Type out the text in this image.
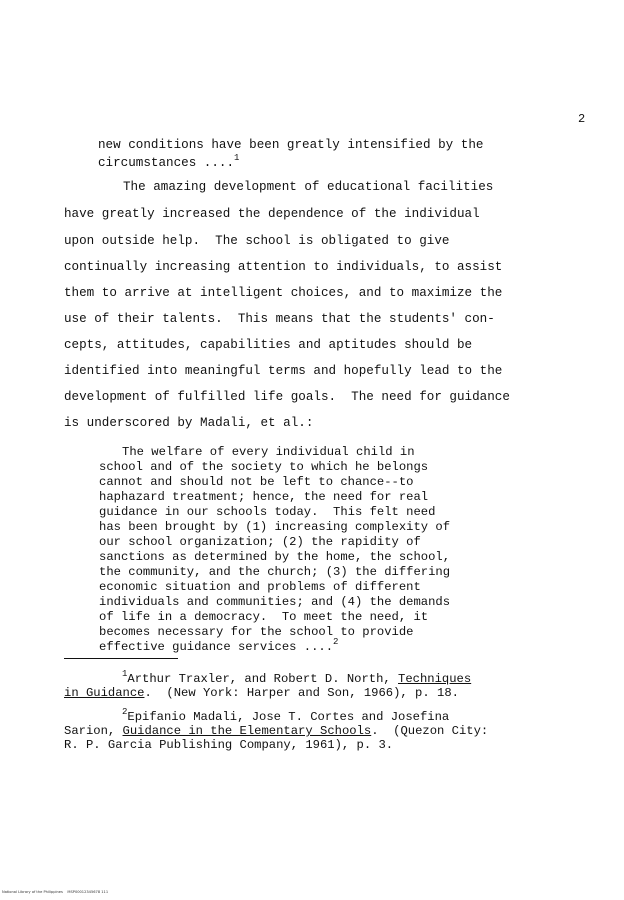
2
new conditions have been greatly intensified by the
circumstances ....$^1$
The amazing development of educational facilities
have greatly increased the dependence of the individual
upon outside help.  The school is obligated to give
continually increasing attention to individuals, to assist
them to arrive at intelligent choices, and to maximize the
use of their talents.  This means that the students' con-
cepts, attitudes, capabilities and aptitudes should be
identified into meaningful terms and hopefully lead to the
development of fulfilled life goals.  The need for guidance
is underscored by Madali, et al.:
The welfare of every individual child in
school and of the society to which he belongs
cannot and should not be left to chance--to
haphazard treatment; hence, the need for real
guidance in our schools today.  This felt need
has been brought by (1) increasing complexity of
our school organization; (2) the rapidity of
sanctions as determined by the home, the school,
the community, and the church; (3) the differing
economic situation and problems of different
individuals and communities; and (4) the demands
of life in a democracy.  To meet the need, it
becomes necessary for the school to provide
effective guidance services ....$^2$
$^1$Arthur Traxler, and Robert D. North, Techniques
in Guidance.  (New York: Harper and Son, 1966), p. 18.
$^2$Epifanio Madali, Jose T. Cortes and Josefina
Sarion, Guidance in the Elementary Schools.  (Quezon City:
R. P. Garcia Publishing Company, 1961), p. 3.
National Library of the Philippines    MSP00012345678 111
